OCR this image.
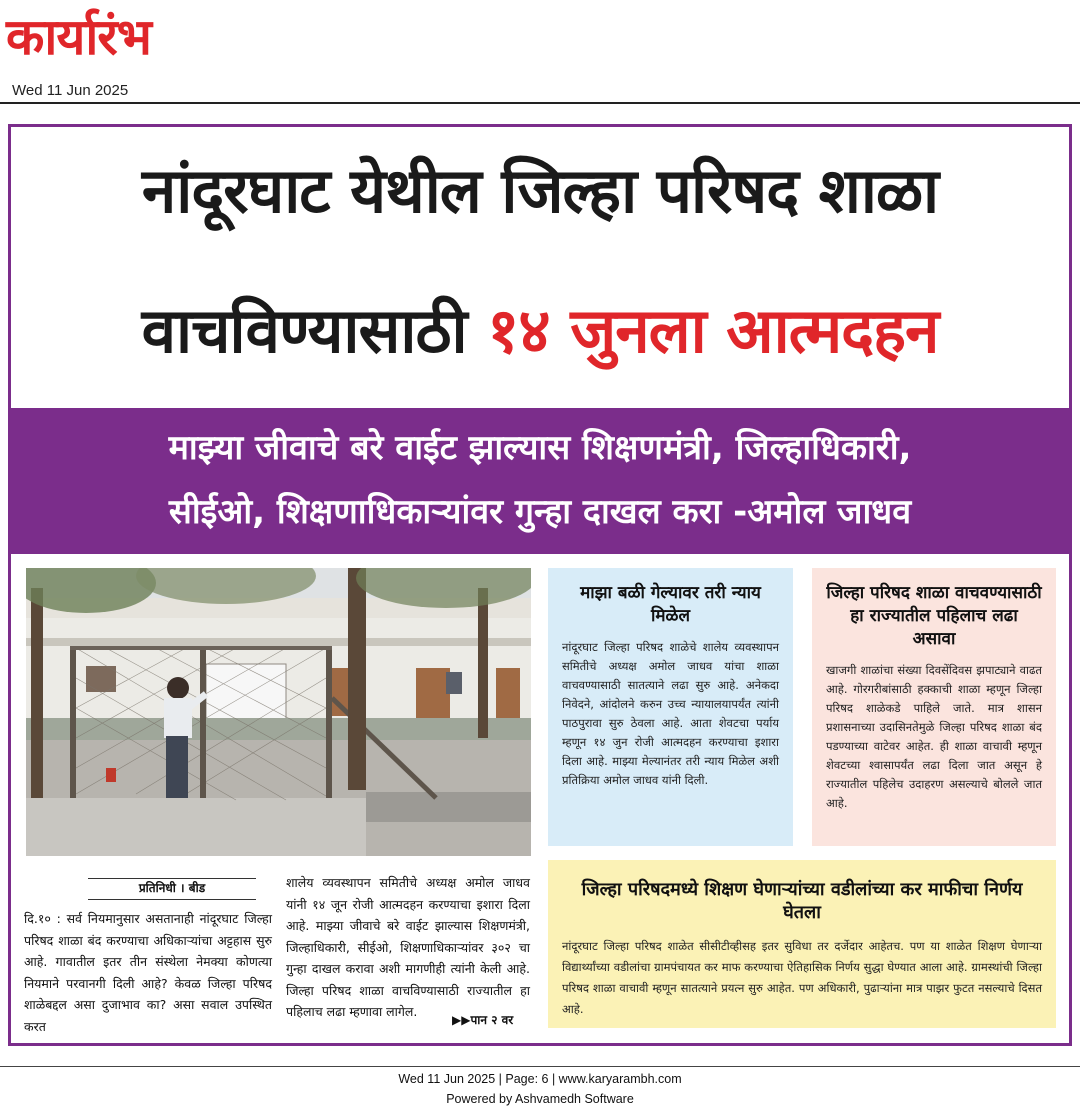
कार्यारंभ
Wed 11 Jun 2025
नांदूरघाट येथील जिल्हा परिषद शाळा
वाचविण्यासाठी १४ जुनला आत्मदहन
माझ्या जीवाचे बरे वाईट झाल्यास शिक्षणमंत्री, जिल्हाधिकारी,
सीईओ, शिक्षणाधिकाऱ्यांवर गुन्हा दाखल करा -अमोल जाधव
माझा बळी गेल्यावर तरी न्याय मिळेल

नांदूरघाट जिल्हा परिषद शाळेचे शालेय व्यवस्थापन समितीचे अध्यक्ष अमोल जाधव यांचा शाळा वाचवण्यासाठी सातत्याने लढा सुरु आहे. अनेकदा निवेदने, आंदोलने करुन उच्च न्यायालयापर्यंत त्यांनी पाठपुरावा सुरु ठेवला आहे. आता शेवटचा पर्याय म्हणून १४ जुन रोजी आत्मदहन करण्याचा इशारा दिला आहे. माझ्या मेल्यानंतर तरी न्याय मिळेल अशी प्रतिक्रिया अमोल जाधव यांनी दिली.

जिल्हा परिषद शाळा वाचवण्यासाठी हा राज्यातील पहिलाच लढा असावा

खाजगी शाळांचा संख्या दिवसेंदिवस झपाट्याने वाढत आहे. गोरगरीबांसाठी हक्काची शाळा म्हणून जिल्हा परिषद शाळेकडे पाहिले जाते. मात्र शासन प्रशासनाच्या उदासिनतेमुळे जिल्हा परिषद शाळा बंद पडण्याच्या वाटेवर आहेत. ही शाळा वाचावी म्हणून शेवटच्या श्वासापर्यंत लढा दिला जात असून हे राज्यातील पहिलेच उदाहरण असल्याचे बोलले जात आहे.

जिल्हा परिषदमध्ये शिक्षण घेणाऱ्यांच्या वडीलांच्या कर माफीचा निर्णय घेतला

नांदूरघाट जिल्हा परिषद शाळेत सीसीटीव्हीसह इतर सुविधा तर दर्जेदार आहेतच. पण या शाळेत शिक्षण घेणाऱ्या विद्यार्थ्यांच्या वडीलांचा ग्रामपंचायत कर माफ करण्याचा ऐतिहासिक निर्णय सुद्धा घेण्यात आला आहे. ग्रामस्थांची जिल्हा परिषद शाळा वाचावी म्हणून सातत्याने प्रयत्न सुरु आहेत. पण अधिकारी, पुढाऱ्यांना मात्र पाझर फुटत नसल्याचे दिसत आहे.

प्रतिनिधी । बीड
दि.१० : सर्व नियमानुसार असतानाही नांदूरघाट जिल्हा परिषद शाळा बंद करण्याचा अधिकाऱ्यांचा अट्टहास सुरु आहे. गावातील इतर तीन संस्थेला नेमक्या कोणत्या नियमाने परवानगी दिली आहे? केवळ जिल्हा परिषद शाळेबद्दल असा दुजाभाव का? असा सवाल उपस्थित करत
शालेय व्यवस्थापन समितीचे अध्यक्ष अमोल जाधव यांनी १४ जून रोजी आत्मदहन करण्याचा इशारा दिला आहे. माझ्या जीवाचे बरे वाईट झाल्यास शिक्षणमंत्री, जिल्हाधिकारी, सीईओ, शिक्षणाधिकाऱ्यांवर ३०२ चा गुन्हा दाखल करावा अशी मागणीही त्यांनी केली आहे. जिल्हा परिषद शाळा वाचविण्यासाठी राज्यातील हा पहिलाच लढा म्हणावा लागेल.
▶▶पान २ वर
Wed 11 Jun 2025 | Page: 6 | www.karyarambh.com
Powered by Ashvamedh Software
